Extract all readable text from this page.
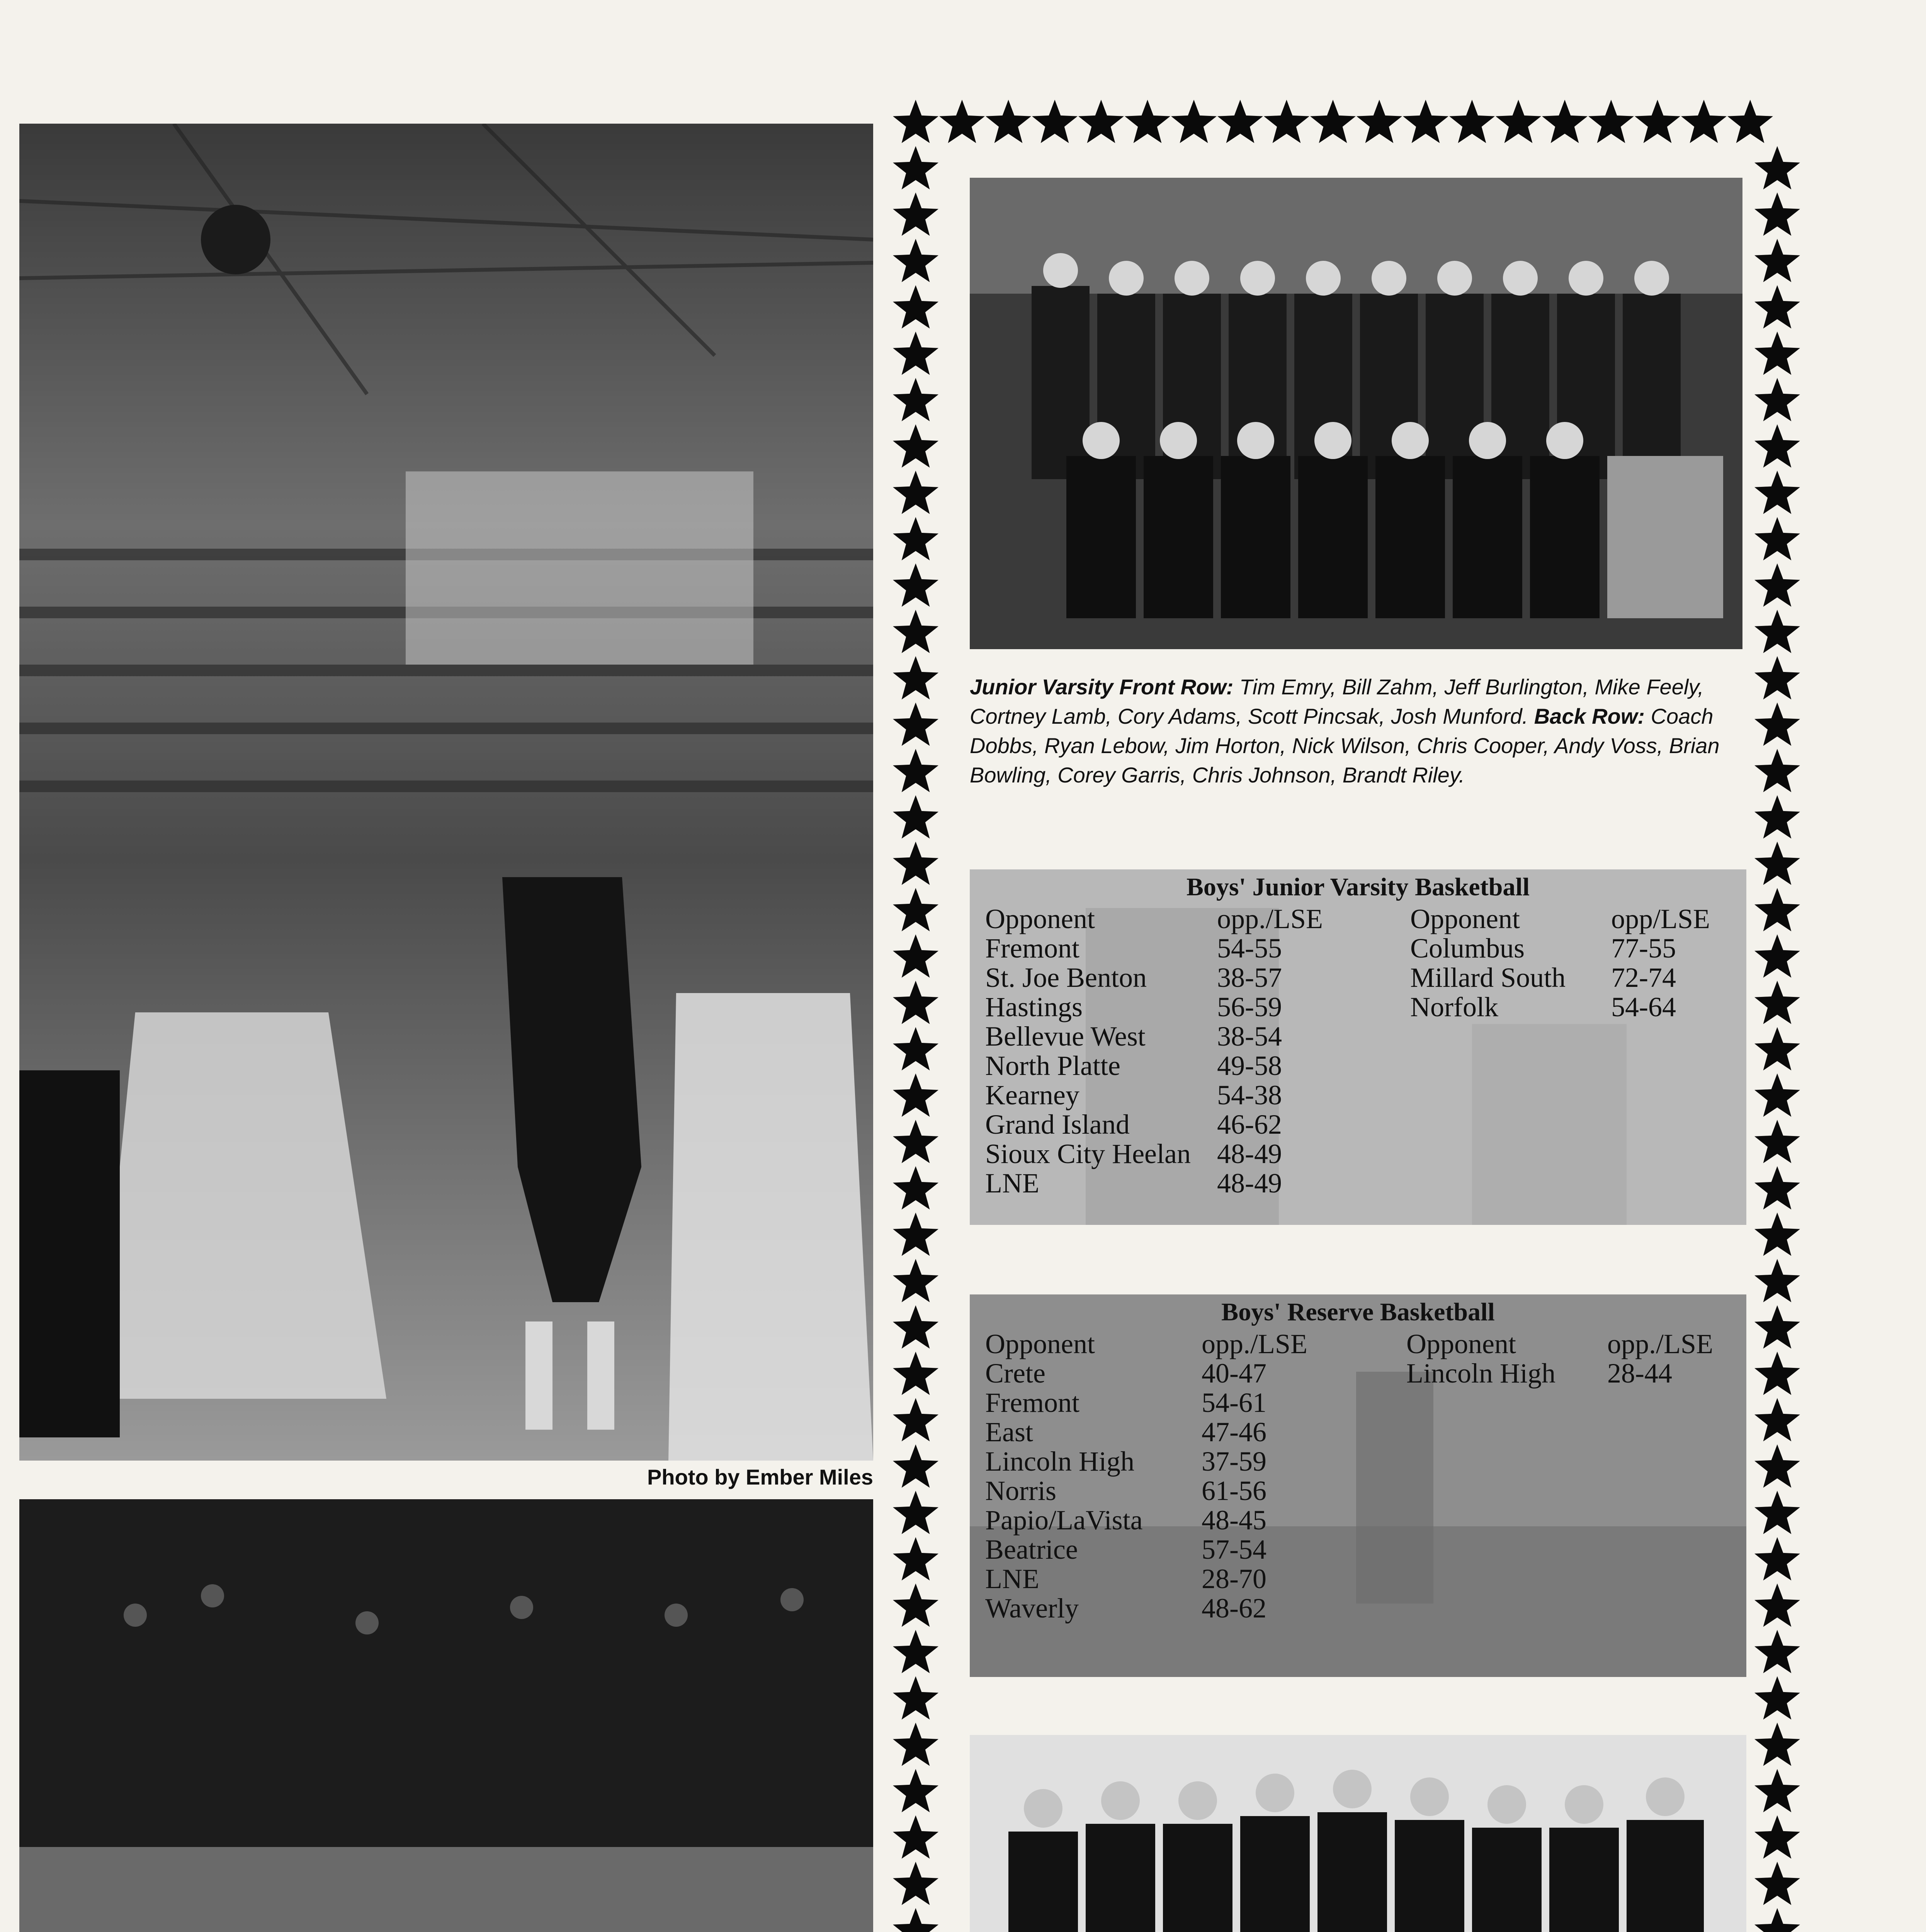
Photo by Ember Miles
Junior Varsity Front Row: Tim Emry, Bill Zahm, Jeff Burlington, Mike Feely, Cortney Lamb, Cory Adams, Scott Pincsak, Josh Munford. Back Row: Coach Dobbs, Ryan Lebow, Jim Horton, Nick Wilson, Chris Cooper, Andy Voss, Brian Bowling, Corey Garris, Chris Johnson, Brandt Riley.
Boys' Junior Varsity Basketball
Opponent	opp./LSE
Fremont	54-55
St. Joe Benton	38-57
Hastings	56-59
Bellevue West	38-54
North Platte	49-58
Kearney	54-38
Grand Island	46-62
Sioux City Heelan	48-49
LNE	48-49
Opponent	opp/LSE
Columbus	77-55
Millard South	72-74
Norfolk	54-64
Boys' Reserve Basketball
Opponent	opp./LSE
Crete	40-47
Fremont	54-61
East	47-46
Lincoln High	37-59
Norris	61-56
Papio/LaVista	48-45
Beatrice	57-54
LNE	28-70
Waverly	48-62
Opponent	opp./LSE
Lincoln High	28-44
